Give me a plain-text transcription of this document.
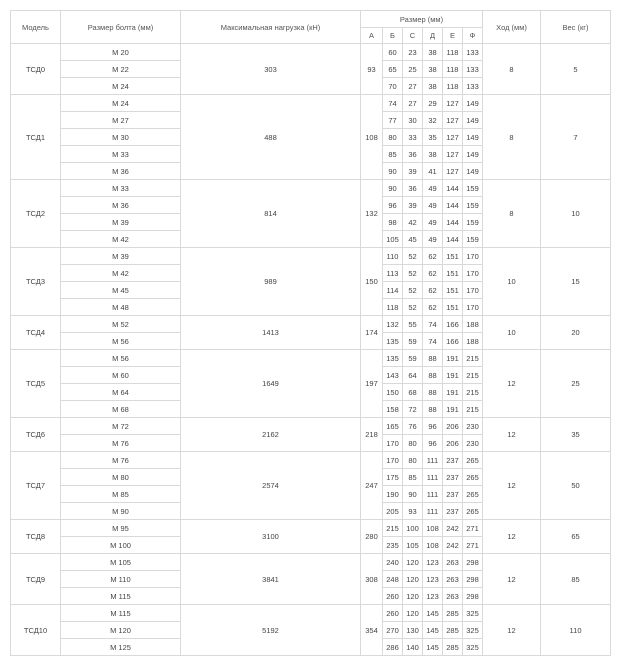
Модель	Размер болта (мм)	Максимальная нагрузка (кН)	Размер (мм)						Ход (мм)	Вес (кг)
			А	Б	С	Д	Е	Ф		
ТСД0	М 20	303	93	60	23	38	118	133	8	5
	М 22			65	25	38	118	133		
	М 24			70	27	38	118	133		
ТСД1	М 24	488	108	74	27	29	127	149	8	7
	М 27			77	30	32	127	149		
	М 30			80	33	35	127	149		
	М 33			85	36	38	127	149		
	М 36			90	39	41	127	149		
ТСД2	М 33	814	132	90	36	49	144	159	8	10
	М 36			96	39	49	144	159		
	М 39			98	42	49	144	159		
	М 42			105	45	49	144	159		
ТСД3	М 39	989	150	110	52	62	151	170	10	15
	М 42			113	52	62	151	170		
	М 45			114	52	62	151	170		
	М 48			118	52	62	151	170		
ТСД4	М 52	1413	174	132	55	74	166	188	10	20
	М 56			135	59	74	166	188		
ТСД5	М 56	1649	197	135	59	88	191	215	12	25
	М 60			143	64	88	191	215		
	М 64			150	68	88	191	215		
	М 68			158	72	88	191	215		
ТСД6	М 72	2162	218	165	76	96	206	230	12	35
	М 76			170	80	96	206	230		
ТСД7	М 76	2574	247	170	80	111	237	265	12	50
	М 80			175	85	111	237	265		
	М 85			190	90	111	237	265		
	М 90			205	93	111	237	265		
ТСД8	М 95	3100	280	215	100	108	242	271	12	65
	М 100			235	105	108	242	271		
ТСД9	М 105	3841	308	240	120	123	263	298	12	85
	М 110			248	120	123	263	298		
	М 115			260	120	123	263	298		
ТСД10	М 115	5192	354	260	120	145	285	325	12	110
	М 120			270	130	145	285	325		
	М 125			286	140	145	285	325		
